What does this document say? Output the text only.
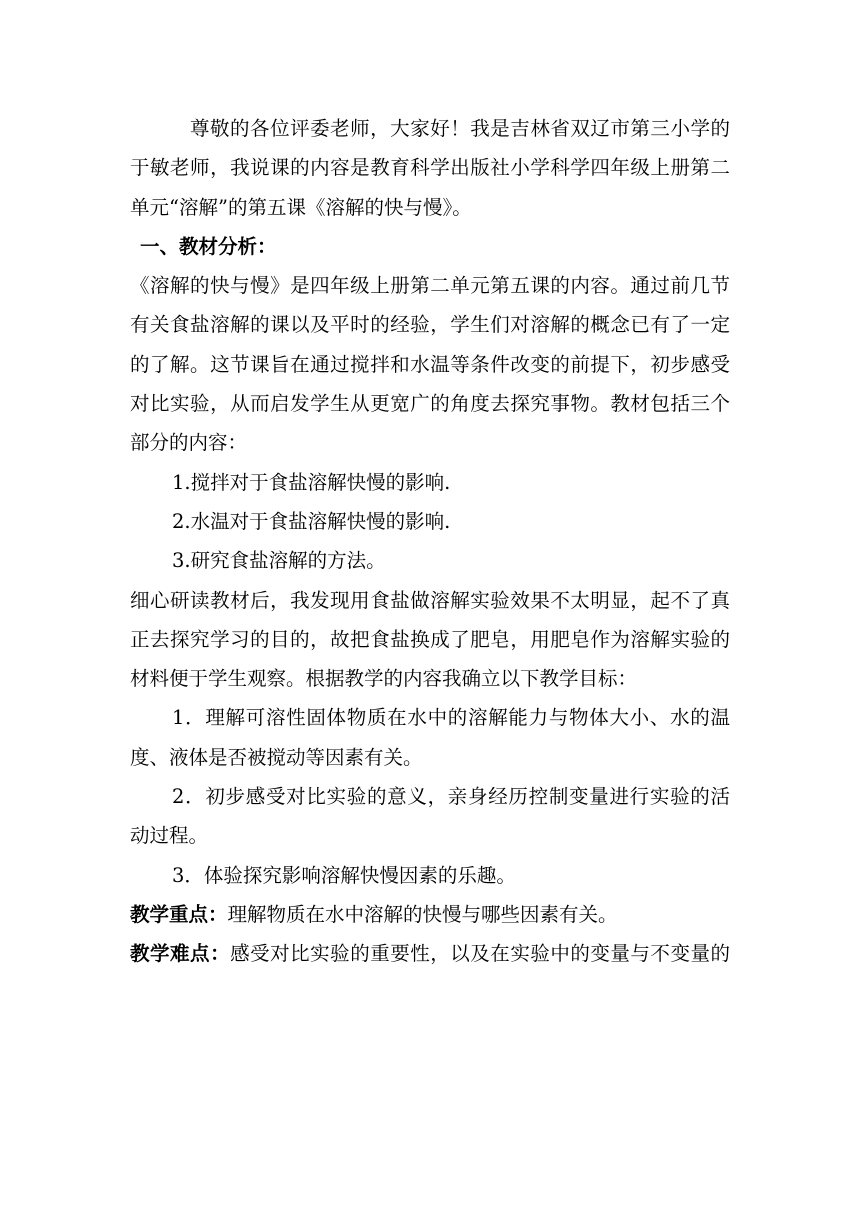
尊敬的各位评委老师，大家好！我是吉林省双辽市第三小学的
于敏老师，我说课的内容是教育科学出版社小学科学四年级上册第二
单元“溶解”的第五课《溶解的快与慢》。
一、教材分析：
《溶解的快与慢》是四年级上册第二单元第五课的内容。通过前几节
有关食盐溶解的课以及平时的经验，学生们对溶解的概念已有了一定
的了解。这节课旨在通过搅拌和水温等条件改变的前提下，初步感受
对比实验，从而启发学生从更宽广的角度去探究事物。教材包括三个
部分的内容：
1.搅拌对于食盐溶解快慢的影响.
2.水温对于食盐溶解快慢的影响.
3.研究食盐溶解的方法。
细心研读教材后，我发现用食盐做溶解实验效果不太明显，起不了真
正去探究学习的目的，故把食盐换成了肥皂，用肥皂作为溶解实验的
材料便于学生观察。根据教学的内容我确立以下教学目标：
1．理解可溶性固体物质在水中的溶解能力与物体大小、水的温
度、液体是否被搅动等因素有关。
2．初步感受对比实验的意义，亲身经历控制变量进行实验的活
动过程。
3．体验探究影响溶解快慢因素的乐趣。
教学重点：理解物质在水中溶解的快慢与哪些因素有关。
教学难点：感受对比实验的重要性，以及在实验中的变量与不变量的
